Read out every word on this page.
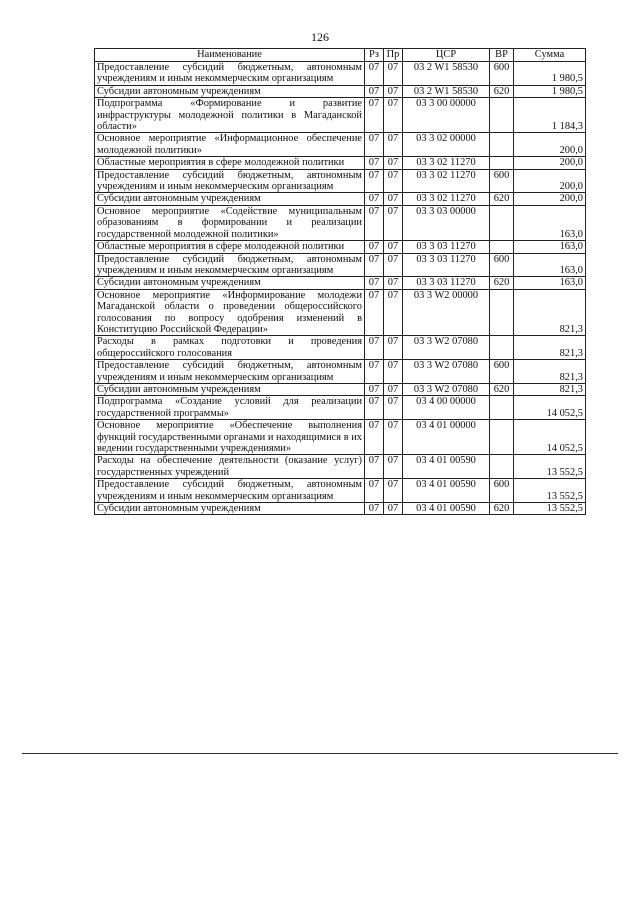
126
Наименование	Рз	Пр	ЦСР	ВР	Сумма
Предоставление субсидий бюджетным, автономным учреждениям и иным некоммерческим организациям	07	07	03 2 W1 58530	600	1 980,5
Субсидии автономным учреждениям	07	07	03 2 W1 58530	620	1 980,5
Подпрограмма «Формирование и развитие инфраструктуры молодежной политики в Магаданской области»	07	07	03 3 00 00000		1 184,3
Основное мероприятие «Информационное обеспечение молодежной политики»	07	07	03 3 02 00000		200,0
Областные мероприятия в сфере молодежной политики	07	07	03 3 02 11270		200,0
Предоставление субсидий бюджетным, автономным учреждениям и иным некоммерческим организациям	07	07	03 3 02 11270	600	200,0
Субсидии автономным учреждениям	07	07	03 3 02 11270	620	200,0
Основное мероприятие «Содействие муниципальным образованиям в формировании и реализации государственной молодежной политики»	07	07	03 3 03 00000		163,0
Областные мероприятия в сфере молодежной политики	07	07	03 3 03 11270		163,0
Предоставление субсидий бюджетным, автономным учреждениям и иным некоммерческим организациям	07	07	03 3 03 11270	600	163,0
Субсидии автономным учреждениям	07	07	03 3 03 11270	620	163,0
Основное мероприятие «Информирование молодежи Магаданской области о проведении общероссийского голосования по вопросу одобрения изменений в Конституцию Российской Федерации»	07	07	03 3 W2 00000		821,3
Расходы в рамках подготовки и проведения общероссийского голосования	07	07	03 3 W2 07080		821,3
Предоставление субсидий бюджетным, автономным учреждениям и иным некоммерческим организациям	07	07	03 3 W2 07080	600	821,3
Субсидии автономным учреждениям	07	07	03 3 W2 07080	620	821,3
Подпрограмма «Создание условий для реализации государственной программы»	07	07	03 4 00 00000		14 052,5
Основное мероприятие «Обеспечение выполнения функций государственными органами и находящимися в их ведении государственными учреждениями»	07	07	03 4 01 00000		14 052,5
Расходы на обеспечение деятельности (оказание услуг) государственных учреждений	07	07	03 4 01 00590		13 552,5
Предоставление субсидий бюджетным, автономным учреждениям и иным некоммерческим организациям	07	07	03 4 01 00590	600	13 552,5
Субсидии автономным учреждениям	07	07	03 4 01 00590	620	13 552,5
